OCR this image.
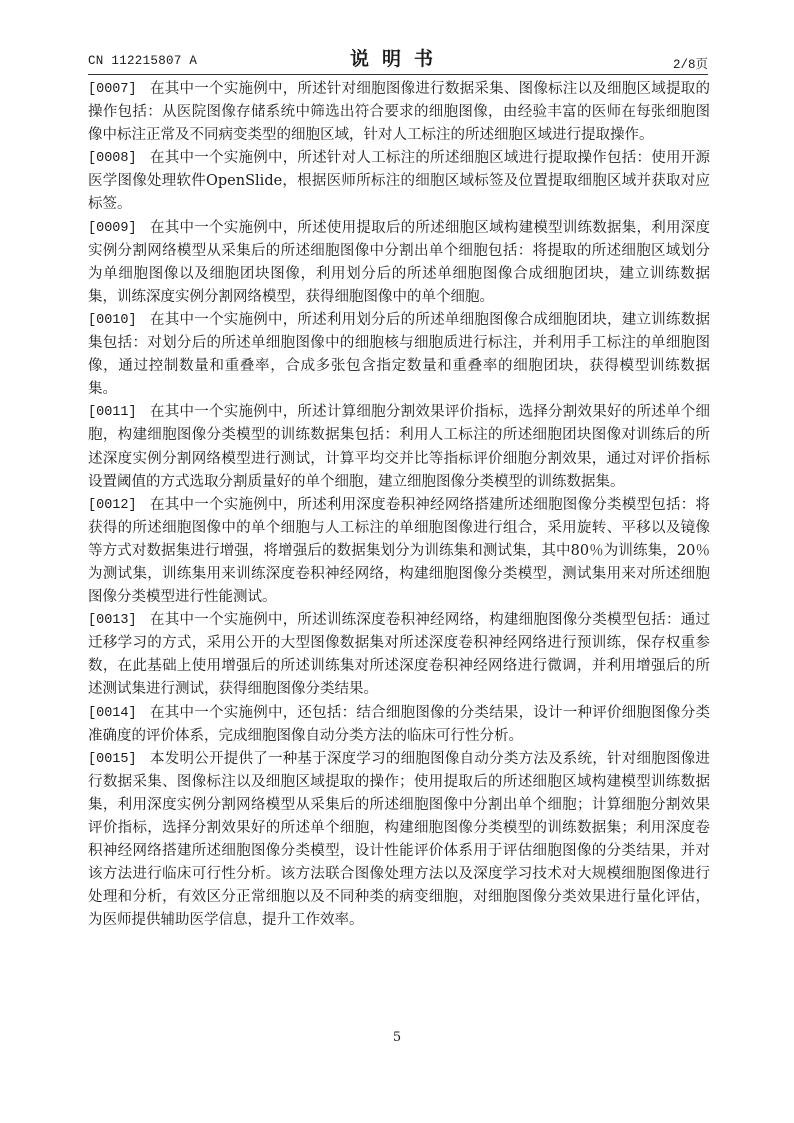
CN 112215807 A	说明书	2/8页

[0007] 在其中一个实施例中，所述针对细胞图像进行数据采集、图像标注以及细胞区域提取的操作包括：从医院图像存储系统中筛选出符合要求的细胞图像，由经验丰富的医师在每张细胞图像中标注正常及不同病变类型的细胞区域，针对人工标注的所述细胞区域进行提取操作。

[0008] 在其中一个实施例中，所述针对人工标注的所述细胞区域进行提取操作包括：使用开源医学图像处理软件OpenSlide，根据医师所标注的细胞区域标签及位置提取细胞区域并获取对应标签。

[0009] 在其中一个实施例中，所述使用提取后的所述细胞区域构建模型训练数据集，利用深度实例分割网络模型从采集后的所述细胞图像中分割出单个细胞包括：将提取的所述细胞区域划分为单细胞图像以及细胞团块图像，利用划分后的所述单细胞图像合成细胞团块，建立训练数据集，训练深度实例分割网络模型，获得细胞图像中的单个细胞。

[0010] 在其中一个实施例中，所述利用划分后的所述单细胞图像合成细胞团块，建立训练数据集包括：对划分后的所述单细胞图像中的细胞核与细胞质进行标注，并利用手工标注的单细胞图像，通过控制数量和重叠率，合成多张包含指定数量和重叠率的细胞团块，获得模型训练数据集。

[0011] 在其中一个实施例中，所述计算细胞分割效果评价指标，选择分割效果好的所述单个细胞，构建细胞图像分类模型的训练数据集包括：利用人工标注的所述细胞团块图像对训练后的所述深度实例分割网络模型进行测试，计算平均交并比等指标评价细胞分割效果，通过对评价指标设置阈值的方式选取分割质量好的单个细胞，建立细胞图像分类模型的训练数据集。

[0012] 在其中一个实施例中，所述利用深度卷积神经网络搭建所述细胞图像分类模型包括：将获得的所述细胞图像中的单个细胞与人工标注的单细胞图像进行组合，采用旋转、平移以及镜像等方式对数据集进行增强，将增强后的数据集划分为训练集和测试集，其中80％为训练集，20％为测试集，训练集用来训练深度卷积神经网络，构建细胞图像分类模型，测试集用来对所述细胞图像分类模型进行性能测试。

[0013] 在其中一个实施例中，所述训练深度卷积神经网络，构建细胞图像分类模型包括：通过迁移学习的方式，采用公开的大型图像数据集对所述深度卷积神经网络进行预训练，保存权重参数，在此基础上使用增强后的所述训练集对所述深度卷积神经网络进行微调，并利用增强后的所述测试集进行测试，获得细胞图像分类结果。

[0014] 在其中一个实施例中，还包括：结合细胞图像的分类结果，设计一种评价细胞图像分类准确度的评价体系，完成细胞图像自动分类方法的临床可行性分析。

[0015] 本发明公开提供了一种基于深度学习的细胞图像自动分类方法及系统，针对细胞图像进行数据采集、图像标注以及细胞区域提取的操作；使用提取后的所述细胞区域构建模型训练数据集，利用深度实例分割网络模型从采集后的所述细胞图像中分割出单个细胞；计算细胞分割效果评价指标，选择分割效果好的所述单个细胞，构建细胞图像分类模型的训练数据集；利用深度卷积神经网络搭建所述细胞图像分类模型，设计性能评价体系用于评估细胞图像的分类结果，并对该方法进行临床可行性分析。该方法联合图像处理方法以及深度学习技术对大规模细胞图像进行处理和分析，有效区分正常细胞以及不同种类的病变细胞，对细胞图像分类效果进行量化评估，为医师提供辅助医学信息，提升工作效率。

5
